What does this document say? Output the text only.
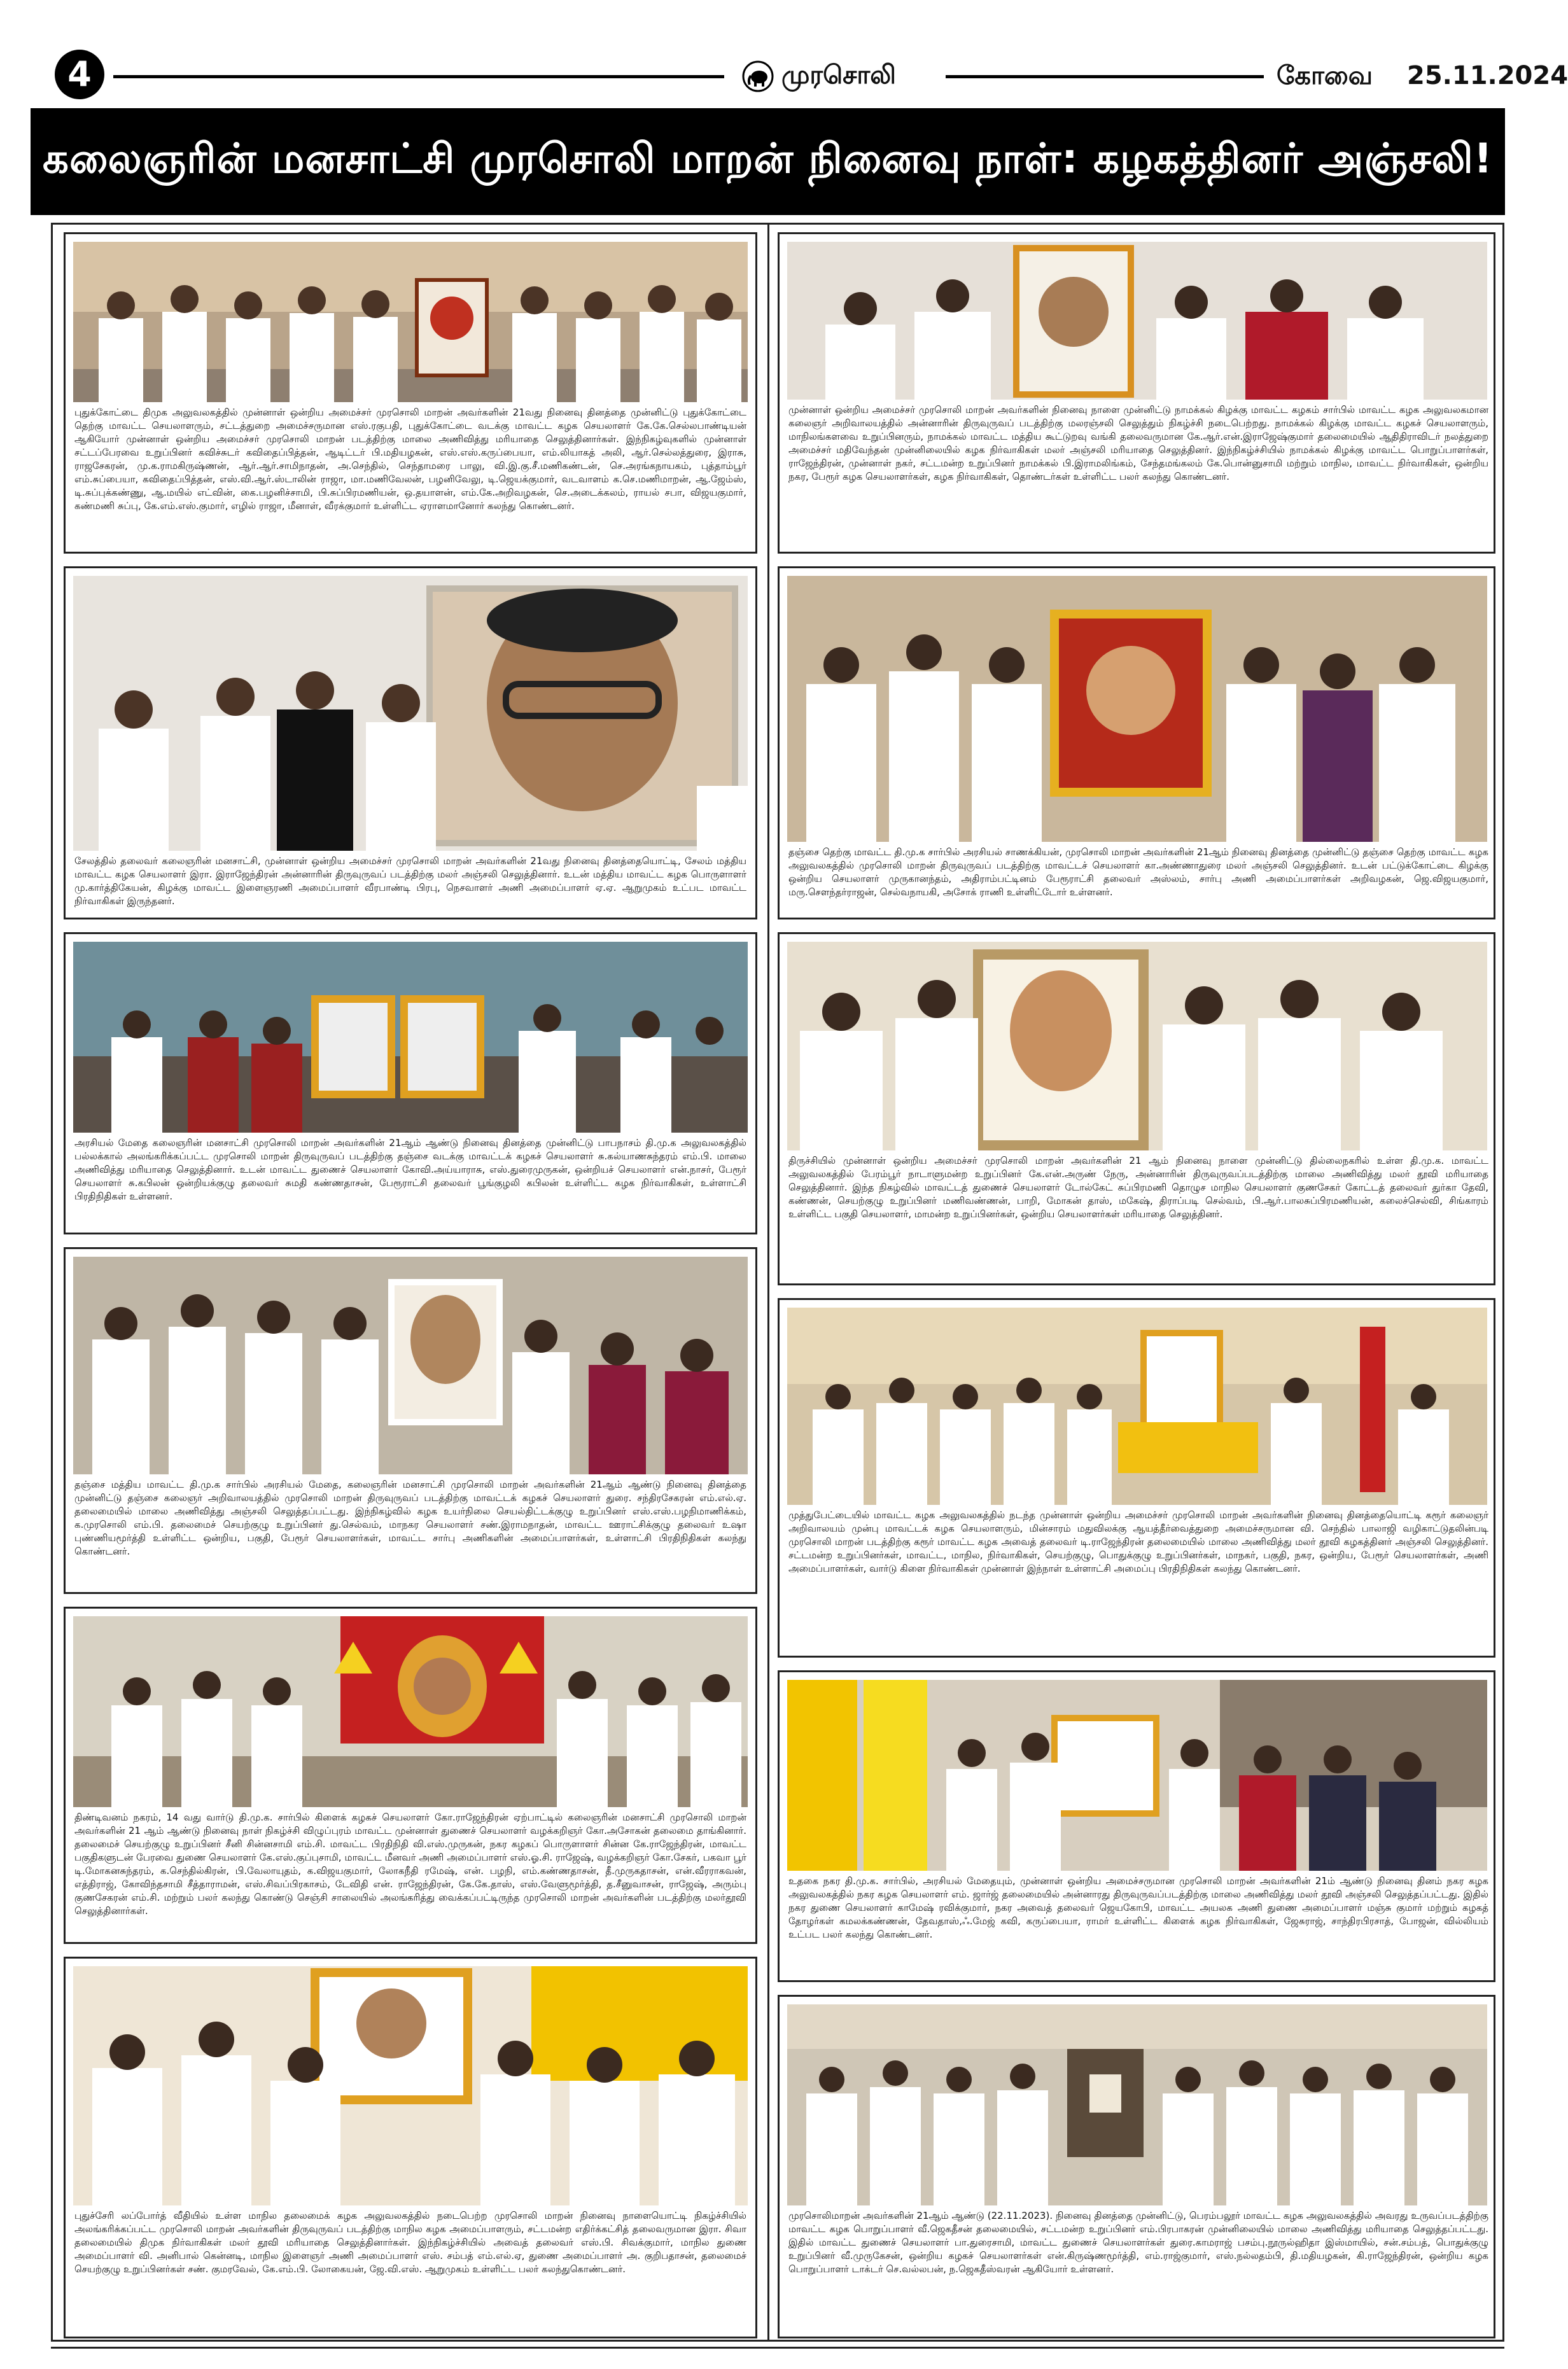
4	முரசொலி	கோவை 25.11.2024
கலைஞரின் மனசாட்சி முரசொலி மாறன் நினைவு நாள்: கழகத்தினர் அஞ்சலி!
புதுக்கோட்டை திமுக அலுவலகத்தில் முன்னாள் ஒன்றிய அமைச்சர் முரசொலி மாறன் அவர்களின் 21வது நினைவு தினத்தை முன்னிட்டு புதுக்கோட்டை தெற்கு மாவட்ட செயலாளரும், சட்டத்துறை அமைச்சருமான எஸ்.ரகுபதி, புதுக்கோட்டை வடக்கு மாவட்ட கழக செயலாளர் கே.கே.செல்லபாண்டியன் ஆகியோர் முன்னாள் ஒன்றிய அமைச்சர் முரசொலி மாறன் படத்திற்கு மாலை அணிவித்து மரியாதை செலுத்தினார்கள். இந்நிகழ்வுகளில் முன்னாள் சட்டப்பேரவை உறுப்பினர் கவிச்சுடர் கவிதைப்பித்தன், ஆடிட்டர் பி.மதியழகன், எஸ்.எஸ்.கருப்பையா, எம்.லியாகத் அலி, ஆர்.செல்லத்துரை, இராசு, ராஜசேகரன், மு.க.ராமகிருஷ்ணன், ஆர்.ஆர்.சாமிநாதன், அ.செந்தில், செந்தாமரை பாலு, வி.இ.கு.சீ.மணிகண்டன், செ.அரங்கநாயகம், புத்தாம்பூர் எம்.சுப்பையா, கவிதைப்பித்தன், எஸ்.வி.ஆர்.ஸ்டாலின் ராஜா, மா.மணிவேலன், பழனிவேலு, டி.ஜெயக்குமார், வடவாளம் க.செ.மணிமாறன், ஆ.ஜேம்ஸ், டி.சுப்புக்கண்ணு, ஆ.மயில் எட்வின், கை.பழனிச்சாமி, பி.சுப்பிரமணியன், ஒ.தயாளன், எம்.கே.அறிவழகன், செ.அடைக்கலம், ராயல் சபா, விஜயகுமார், கண்மணி சுப்பு, கே.எம்.எஸ்.குமார், எழில் ராஜா, மீனாள், வீரக்குமார் உள்ளிட்ட ஏராளமானோர் கலந்து கொண்டனர்.
சேலத்தில் தலைவர் கலைஞரின் மனசாட்சி, முன்னாள் ஒன்றிய அமைச்சர் முரசொலி மாறன் அவர்களின் 21வது நினைவு தினத்தையொட்டி, சேலம் மத்திய மாவட்ட கழக செயலாளர் இரா. இராஜேந்திரன் அன்னாரின் திருவுருவப் படத்திற்கு மலர் அஞ்சலி செலுத்தினார். உடன் மத்திய மாவட்ட கழக பொருளாளர் மு.கார்த்திகேயன், கிழக்கு மாவட்ட இளைஞரணி அமைப்பாளர் வீரபாண்டி பிரபு, நெசவாளர் அணி அமைப்பாளர் ஏ.ஏ. ஆறுமுகம் உட்பட மாவட்ட நிர்வாகிகள் இருந்தனர்.
அரசியல் மேதை கலைஞரின் மனசாட்சி முரசொலி மாறன் அவர்களின் 21ஆம் ஆண்டு நினைவு தினத்தை முன்னிட்டு பாபநாசம் தி.மு.க அலுவலகத்தில் பல்லக்கால் அலங்கரிக்கப்பட்ட முரசொலி மாறன் திருவுருவப் படத்திற்கு தஞ்சை வடக்கு மாவட்டக் கழகச் செயலாளர் சு.கல்யாணசுந்தரம் எம்.பி. மாலை அணிவித்து மரியாதை செலுத்தினார். உடன் மாவட்ட துணைச் செயலாளர் கோவி.அய்யாராசு, எஸ்.துரைமுருகன், ஒன்றியச் செயலாளர் என்.நாசர், பேரூர் செயலாளர் சு.கபிலன் ஒன்றியக்குழு தலைவர் சுமதி கண்ணதாசன், பேரூராட்சி தலைவர் பூங்குழலி கபிலன் உள்ளிட்ட கழக நிர்வாகிகள், உள்ளாட்சி பிரதிநிதிகள் உள்ளனர்.
தஞ்சை மத்திய மாவட்ட தி.மு.க சார்பில் அரசியல் மேதை, கலைஞரின் மனசாட்சி முரசொலி மாறன் அவர்களின் 21ஆம் ஆண்டு நினைவு தினத்தை முன்னிட்டு தஞ்சை கலைஞர் அறிவாலயத்தில் முரசொலி மாறன் திருவுருவப் படத்திற்கு மாவட்டக் கழகச் செயலாளர் துரை. சந்திரசேகரன் எம்.எல்.ஏ. தலைமையில் மாலை அணிவித்து அஞ்சலி செலுத்தப்பட்டது. இந்நிகழ்வில் கழக உயர்நிலை செயல்திட்டக்குழு உறுப்பினர் எஸ்.எஸ்.பழநிமாணிக்கம், க.முரசொலி எம்.பி. தலைமைச் செயற்குழு உறுப்பினர் து.செல்வம், மாநகர செயலாளர் சண்.இராமநாதன், மாவட்ட ஊராட்சிக்குழு தலைவர் உஷா புண்ணியமூர்த்தி உள்ளிட்ட ஒன்றிய, பகுதி, பேரூர் செயலாளர்கள், மாவட்ட சார்பு அணிகளின் அமைப்பாளர்கள், உள்ளாட்சி பிரதிநிதிகள் கலந்து கொண்டனர்.
திண்டிவனம் நகரம், 14 வது வார்டு தி.மு.க. சார்பில் கிளைக் கழகச் செயலாளர் கோ.ராஜேந்திரன் ஏற்பாட்டில் கலைஞரின் மனசாட்சி முரசொலி மாறன் அவர்களின் 21 ஆம் ஆண்டு நினைவு நாள் நிகழ்ச்சி விழுப்புரம் மாவட்ட முன்னாள் துணைச் செயலாளர் வழக்கறிஞர் கோ.அசோகன் தலைமை தாங்கினார். தலைமைச் செயற்குழு உறுப்பினர் சீனி சின்னசாமி எம்.சி. மாவட்ட பிரதிநிதி வி.எஸ்.முருகன், நகர கழகப் பொருளாளர் சின்ன கே.ராஜேந்திரன், மாவட்ட பகுதிகளுடன் பேரவை துணை செயலாளர் கே.எஸ்.குப்புசாமி, மாவட்ட மீனவர் அணி அமைப்பாளர் எஸ்.ஓ.சி. ராஜேஷ், வழக்கறிஞர் கோ.சேகர், பகவா பூர் டி.மோகனசுந்தரம், க.செந்தில்கிரன், பி.வேலாயுதம், க.விஜயகுமார், லோகநீதி ரமேஷ், என். பழநி, எம்.கண்ணதாசன், தீ.முருகதாசன், என்.வீரராகவன், எத்திராஜ், கோவிந்தசாமி சீத்தாராமன், எஸ்.சிவப்பிரகாசம், டேவிதி என். ராஜேந்திரன், கே.கே.தாஸ், எஸ்.வேளுமூர்த்தி, த.சீனுவாசன், ராஜேஷ், அரும்பு குணசேகரன் எம்.சி. மற்றும் பலர் கலந்து கொண்டு செஞ்சி சாலையில் அலங்கரித்து வைக்கப்பட்டிருந்த முரசொலி மாறன் அவர்களின் படத்திற்கு மலர்தூவி செலுத்தினார்கள்.
புதுச்சேரி லப்போர்த் வீதியில் உள்ள மாநில தலைமைக் கழக அலுவலகத்தில் நடைபெற்ற முரசொலி மாறன் நினைவு நாளையொட்டி நிகழ்ச்சியில் அலங்கரிக்கப்பட்ட முரசொலி மாறன் அவர்களின் திருவுருவப் படத்திற்கு மாநில கழக அமைப்பாளரும், சட்டமன்ற எதிர்க்கட்சித் தலைவருமான இரா. சிவா தலைமையில் திமுக நிர்வாகிகள் மலர் தூவி மரியாதை செலுத்தினார்கள். இந்நிகழ்ச்சியில் அவைத் தலைவர் எஸ்.பி. சிவக்குமார், மாநில துணை அமைப்பாளர் வி. அனிபால் கென்னடி, மாநில இளைஞர் அணி அமைப்பாளர் எஸ். சம்பத் எம்.எல்.ஏ, துணை அமைப்பாளர் அ. குறிபதாசன், தலைமைச் செயற்குழு உறுப்பினர்கள் சண். குமரவேல், கே.எம்.பி. லோகையன், ஜே.வி.எஸ். ஆறுமுகம் உள்ளிட்ட பலர் கலந்துகொண்டனர்.
முன்னாள் ஒன்றிய அமைச்சர் முரசொலி மாறன் அவர்களின் நினைவு நாளை முன்னிட்டு நாமக்கல் கிழக்கு மாவட்ட கழகம் சார்பில் மாவட்ட கழக அலுவலகமான கலைஞர் அறிவாலயத்தில் அன்னாரின் திருவுருவப் படத்திற்கு மலரஞ்சலி செலுத்தும் நிகழ்ச்சி நடைபெற்றது. நாமக்கல் கிழக்கு மாவட்ட கழகச் செயலாளரும், மாநிலங்களவை உறுப்பினரும், நாமக்கல் மாவட்ட மத்திய கூட்டுறவு வங்கி தலைவருமான கே.ஆர்.என்.இராஜேஷ்குமார் தலைமையில் ஆதிதிராவிடர் நலத்துறை அமைச்சர் மதிவேந்தன் முன்னிலையில் கழக நிர்வாகிகள் மலர் அஞ்சலி மரியாதை செலுத்தினர். இந்நிகழ்ச்சியில் நாமக்கல் கிழக்கு மாவட்ட பொறுப்பாளர்கள், ராஜேந்திரன், முன்னாள் நகர், சட்டமன்ற உறுப்பினர் நாமக்கல் பி.இராமலிங்கம், சேந்தமங்கலம் கே.பொன்னுசாமி மற்றும் மாநில, மாவட்ட நிர்வாகிகள், ஒன்றிய நகர, பேரூர் கழக செயலாளர்கள், கழக நிர்வாகிகள், தொண்டர்கள் உள்ளிட்ட பலர் கலந்து கொண்டனர்.
தஞ்சை தெற்கு மாவட்ட தி.மு.க சார்பில் அரசியல் சாணக்கியன், முரசொலி மாறன் அவர்களின் 21ஆம் நினைவு தினத்தை முன்னிட்டு தஞ்சை தெற்கு மாவட்ட கழக அலுவலகத்தில் முரசொலி மாறன் திருவுருவப் படத்திற்கு மாவட்டச் செயலாளர் கா.அண்ணாதுரை மலர் அஞ்சலி செலுத்தினர். உடன் பட்டுக்கோட்டை கிழக்கு ஒன்றிய செயலாளர் முருகானந்தம், அதிராம்பட்டினம் பேரூராட்சி தலைவர் அஸ்லம், சார்பு அணி அமைப்பாளர்கள் அறிவழகன், ஜெ.விஜயகுமார், மரு.செளந்தர்ராஜன், செல்வநாயகி, அசோக் ராணி உள்ளிட்டோர் உள்ளனர்.
திருச்சியில் முன்னாள் ஒன்றிய அமைச்சர் முரசொலி மாறன் அவர்களின் 21 ஆம் நினைவு நாளை முன்னிட்டு தில்லைநகரில் உள்ள தி.மு.க. மாவட்ட அலுவலகத்தில் பேரம்பூர் நாடாளுமன்ற உறுப்பினர் கே.என்.அருண் நேரு, அன்னாரின் திருவுருவப்படத்திற்கு மாலை அணிவித்து மலர் தூவி மரியாதை செலுத்தினார். இந்த நிகழ்வில் மாவட்டத் துணைச் செயலாளர் டோல்கேட் சுப்பிரமணி தொழுச மாநில செயலாளர் குணசேகர் கோட்டத் தலைவர் துர்கா தேவி, கண்ணன், செயற்குழு உறுப்பினர் மணிவண்ணன், பாறி, மோகன் தாஸ், மகேஷ், திராப்படி செல்வம், பி.ஆர்.பாலசுப்பிரமணியன், கலைச்செல்வி, சிங்காரம் உள்ளிட்ட பகுதி செயலாளர், மாமன்ற உறுப்பினர்கள், ஒன்றிய செயலாளர்கள் மரியாதை செலுத்தினர்.
முத்துபேட்டையில் மாவட்ட கழக அலுவலகத்தில் நடந்த முன்னாள் ஒன்றிய அமைச்சர் முரசொலி மாறன் அவர்களின் நினைவு தினத்தையொட்டி கரூர் கலைஞர் அறிவாலயம் முன்பு மாவட்டக் கழக செயலாளரும், மின்சாரம் மதுவிலக்கு ஆயத்தீர்வைத்துறை அமைச்சருமான வி. செந்தில் பாலாஜி வழிகாட்டுதலின்படி முரசொலி மாறன் படத்திற்கு கரூர் மாவட்ட கழக அவைத் தலைவர் டி.ராஜேந்திரன் தலைமையில் மாலை அணிவித்து மலர் தூவி கழகத்தினர் அஞ்சலி செலுத்தினர். சட்டமன்ற உறுப்பினர்கள், மாவட்ட, மாநில, நிர்வாகிகள், செயற்குழு, பொதுக்குழு உறுப்பினர்கள், மாநகர், பகுதி, நகர, ஒன்றிய, பேரூர் செயலாளர்கள், அணி அமைப்பாளர்கள், வார்டு கிளை நிர்வாகிகள் முன்னாள் இந்நாள் உள்ளாட்சி அமைப்பு பிரதிநிதிகள் கலந்து கொண்டனர்.
உதகை நகர தி.மு.க. சார்பில், அரசியல் மேதையும், முன்னாள் ஒன்றிய அமைச்சருமான முரசொலி மாறன் அவர்களின் 21ம் ஆண்டு நினைவு தினம் நகர கழக அலுவலகத்தில் நகர கழக செயலாளர் எம். ஜார்ஜ் தலைமையில் அன்னாரது திருவுருவப்படத்திற்கு மாலை அணிவித்து மலர் தூவி அஞ்சலி செலுத்தப்பட்டது. இதில் நகர துணை செயலாளர் காமேஷ் ரவிக்குமார், நகர அவைத் தலைவர் ஜெயகோபி, மாவட்ட அயலக அணி துணை அமைப்பாளர் மஞ்சு குமார் மற்றும் கழகத் தோழர்கள் கமலக்கண்ணன், தேவதாஸ்,ஃ.மேஜ் கவி, கருப்பையா, ராமர் உள்ளிட்ட கிளைக் கழக நிர்வாகிகள், ஜேசுராஜ், சாந்திரபிரசாத், போஜன், வில்லியம் உட்பட பலர் கலந்து கொண்டனர்.
முரசொலிமாறன் அவர்களின் 21ஆம் ஆண்டு (22.11.2023). நினைவு தினத்தை முன்னிட்டு, பெரம்பலூர் மாவட்ட கழக அலுவலகத்தில் அவரது உருவப்படத்திற்கு மாவட்ட கழக பொறுப்பாளர் வீ.ஜெகதீசன் தலைமையில், சட்டமன்ற உறுப்பினர் எம்.பிரபாகரன் முன்னிலையில் மாலை அணிவித்து மரியாதை செலுத்தப்பட்டது. இதில் மாவட்ட துணைச் செயலாளர் பா.துரைசாமி, மாவட்ட துணைச் செயலாளர்கள் துரை.காமராஜ் பசம்பு.நூருல்ஹிதா இஸ்மாயில், சன்.சம்பத், பொதுக்குழு உறுப்பினர் வீ.முருகேசன், ஒன்றிய கழகச் செயலாளர்கள் என்.கிருஷ்ணமூர்த்தி, எம்.ராஜ்குமார், எஸ்.நல்லதம்பி, தி.மதியழகன், கி.ராஜேந்திரன், ஒன்றிய கழக பொறுப்பாளர் டாக்டர் செ.வல்லபன், ந.ஜெகதீஸ்வரன் ஆகியோர் உள்ளனர்.
